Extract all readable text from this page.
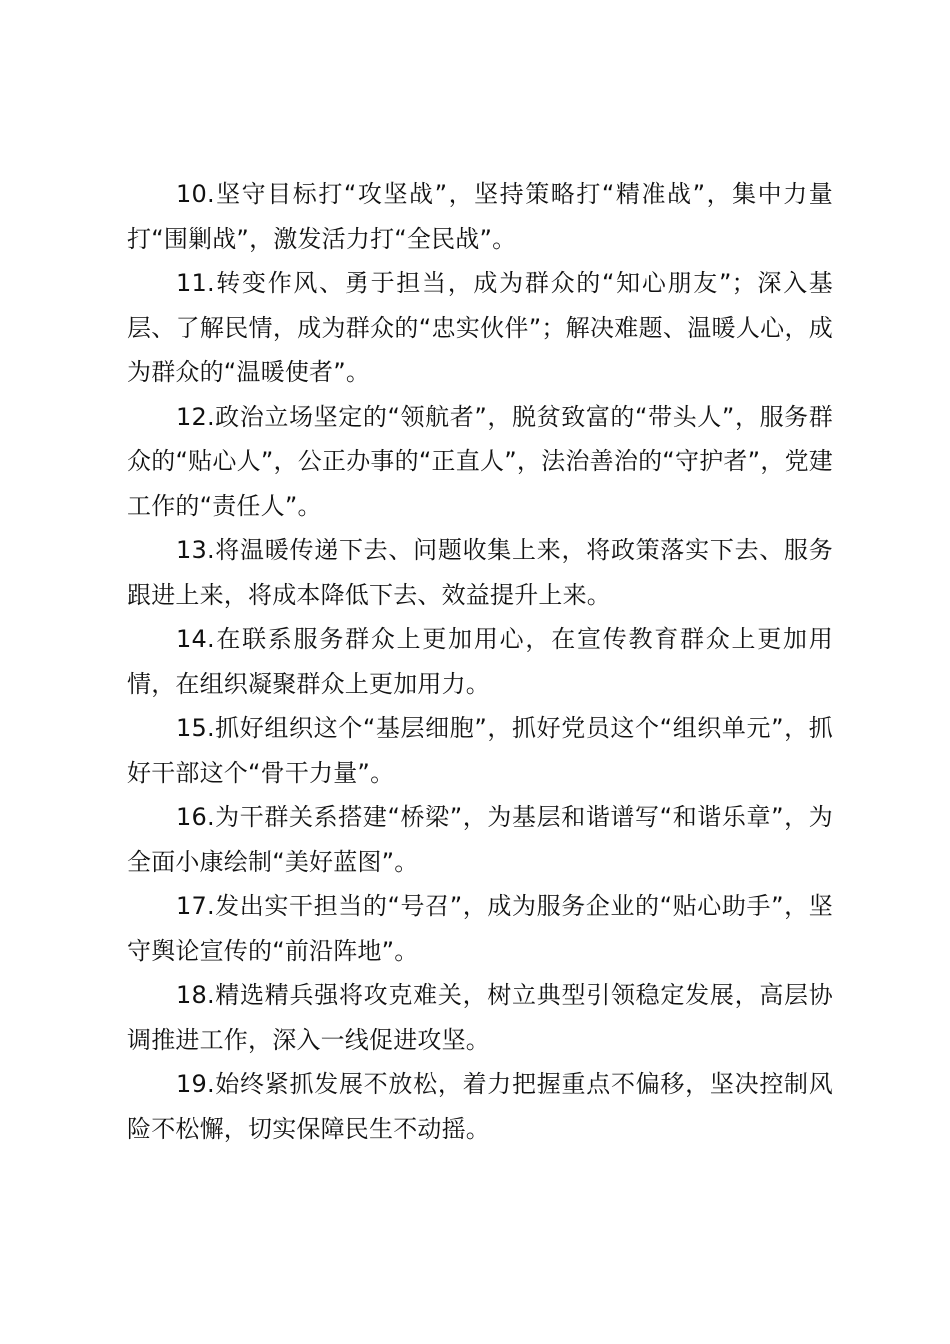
10.坚守目标打“攻坚战”，坚持策略打“精准战”，集中力量打“围剿战”，激发活力打“全民战”。

11.转变作风、勇于担当，成为群众的“知心朋友”；深入基层、了解民情，成为群众的“忠实伙伴”；解决难题、温暖人心，成为群众的“温暖使者”。

12.政治立场坚定的“领航者”，脱贫致富的“带头人”，服务群众的“贴心人”，公正办事的“正直人”，法治善治的“守护者”，党建工作的“责任人”。

13.将温暖传递下去、问题收集上来，将政策落实下去、服务跟进上来，将成本降低下去、效益提升上来。

14.在联系服务群众上更加用心，在宣传教育群众上更加用情，在组织凝聚群众上更加用力。

15.抓好组织这个“基层细胞”，抓好党员这个“组织单元”，抓好干部这个“骨干力量”。

16.为干群关系搭建“桥梁”，为基层和谐谱写“和谐乐章”，为全面小康绘制“美好蓝图”。

17.发出实干担当的“号召”，成为服务企业的“贴心助手”，坚守舆论宣传的“前沿阵地”。

18.精选精兵强将攻克难关，树立典型引领稳定发展，高层协调推进工作，深入一线促进攻坚。

19.始终紧抓发展不放松，着力把握重点不偏移，坚决控制风险不松懈，切实保障民生不动摇。
